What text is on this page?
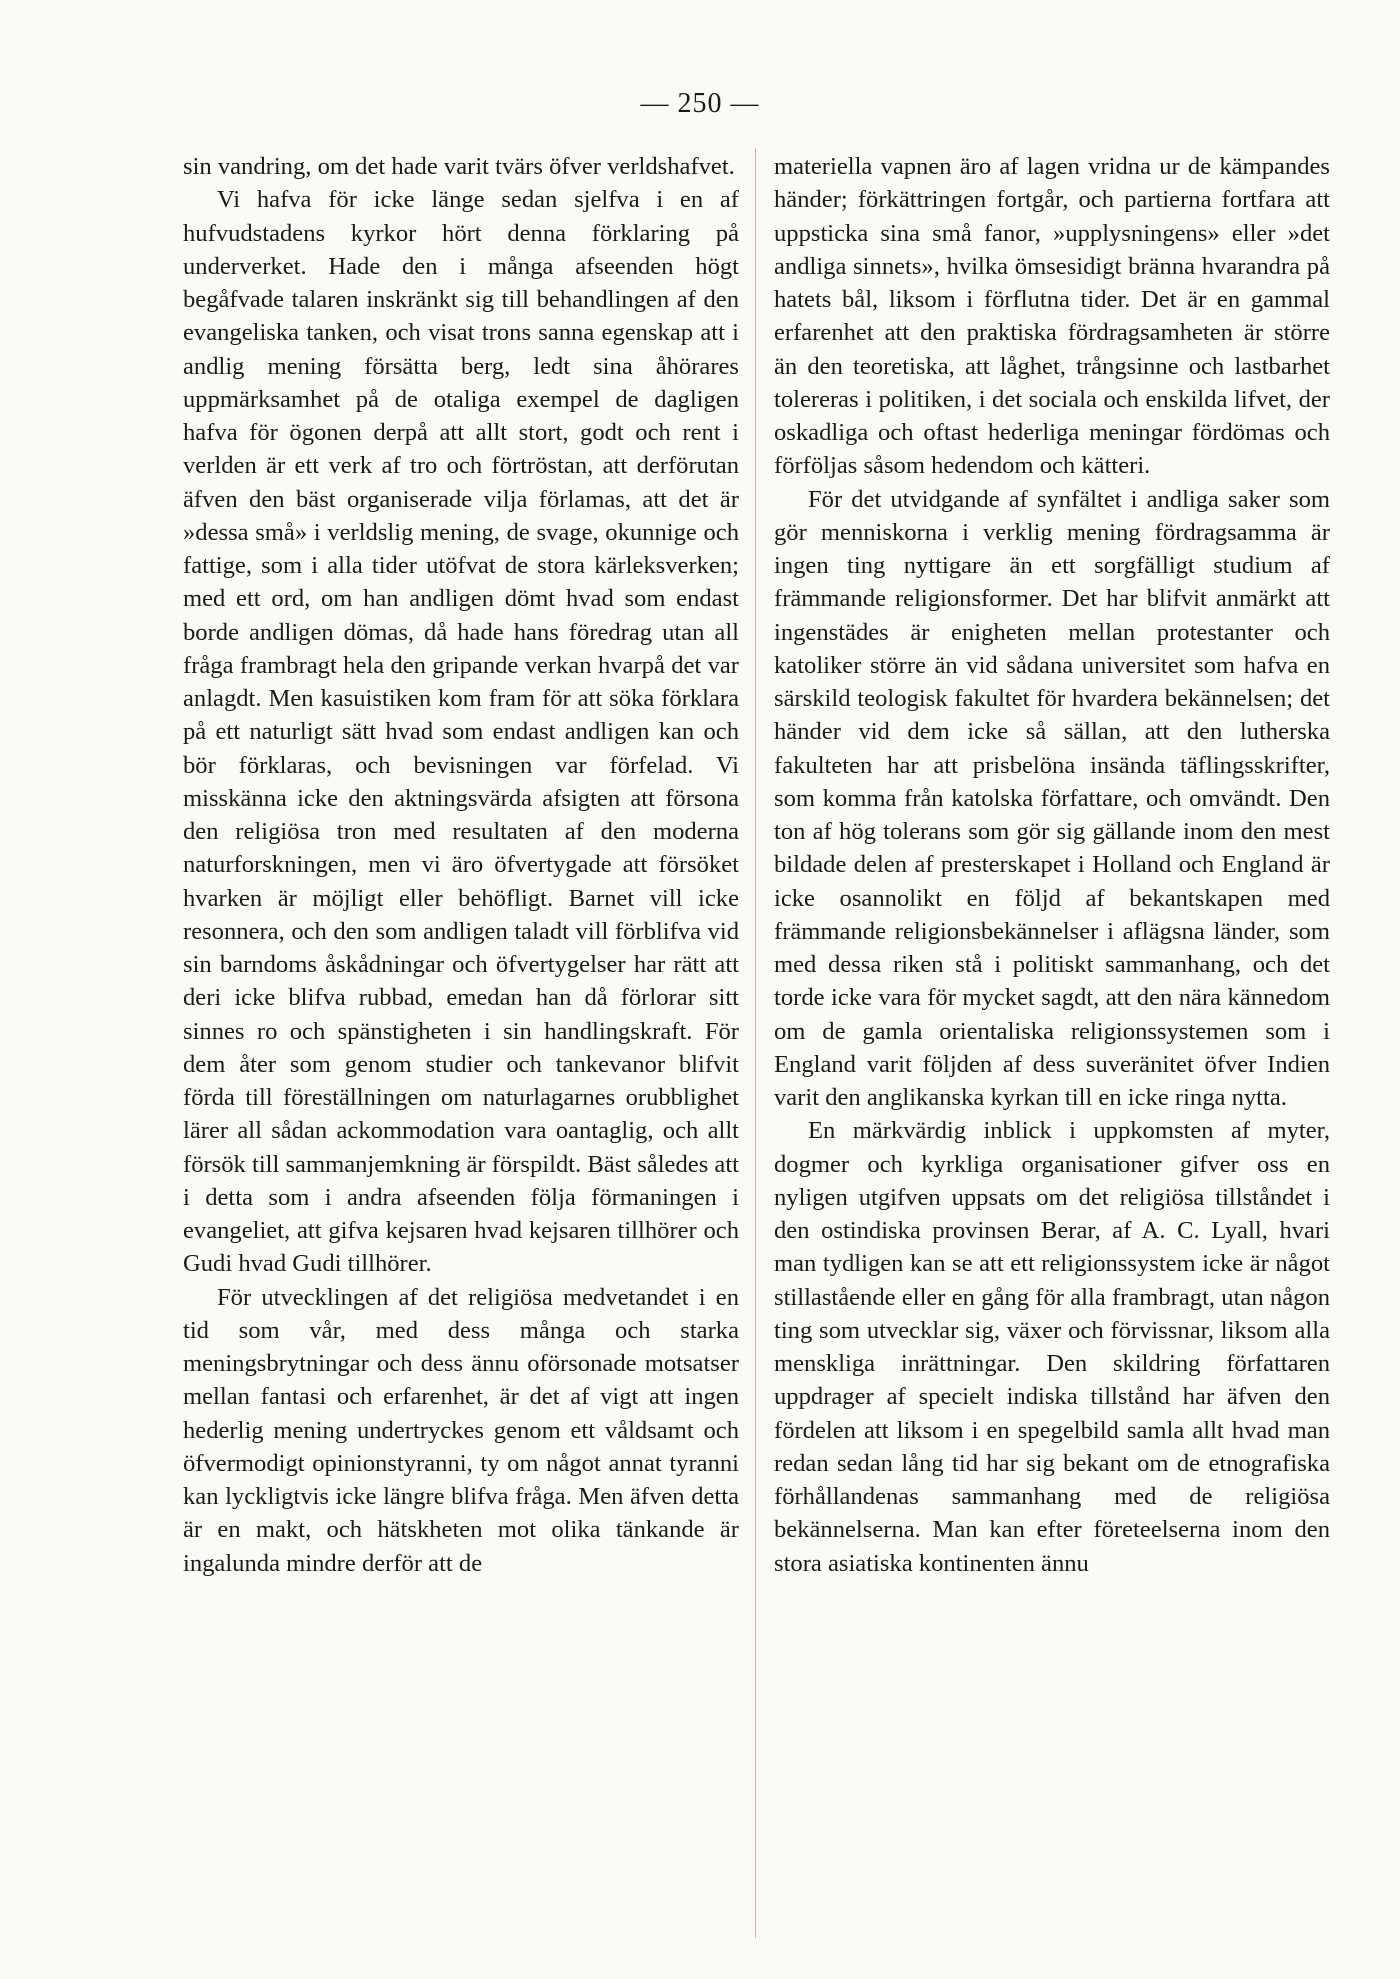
— 250 —

sin vandring, om det hade varit tvärs öfver verldshafvet.

Vi hafva för icke länge sedan sjelfva i en af hufvudstadens kyrkor hört denna förklaring på underverket. Hade den i många afseenden högt begåfvade talaren inskränkt sig till behandlingen af den evangeliska tanken, och visat trons sanna egenskap att i andlig mening försätta berg, ledt sina åhörares uppmärksamhet på de otaliga exempel de dagligen hafva för ögonen derpå att allt stort, godt och rent i verlden är ett verk af tro och förtröstan, att derförutan äfven den bäst organiserade vilja förlamas, att det är »dessa små» i verldslig mening, de svage, okunnige och fattige, som i alla tider utöfvat de stora kärleksverken; med ett ord, om han andligen dömt hvad som endast borde andligen dömas, då hade hans föredrag utan all fråga frambragt hela den gripande verkan hvarpå det var anlagdt. Men kasuistiken kom fram för att söka förklara på ett naturligt sätt hvad som endast andligen kan och bör förklaras, och bevisningen var förfelad. Vi misskänna icke den aktningsvärda afsigten att försona den religiösa tron med resultaten af den moderna naturforskningen, men vi äro öfvertygade att försöket hvarken är möjligt eller behöfligt. Barnet vill icke resonnera, och den som andligen taladt vill förblifva vid sin barndoms åskådningar och öfvertygelser har rätt att deri icke blifva rubbad, emedan han då förlorar sitt sinnes ro och spänstigheten i sin handlingskraft. För dem åter som genom studier och tankevanor blifvit förda till föreställningen om naturlagarnes orubblighet lärer all sådan ackommodation vara oantaglig, och allt försök till sammanjemkning är förspildt. Bäst således att i detta som i andra afseenden följa förmaningen i evangeliet, att gifva kejsaren hvad kejsaren tillhörer och Gudi hvad Gudi tillhörer.

För utvecklingen af det religiösa medvetandet i en tid som vår, med dess många och starka meningsbrytningar och dess ännu oförsonade motsatser mellan fantasi och erfarenhet, är det af vigt att ingen hederlig mening undertryckes genom ett våldsamt och öfvermodigt opinionstyranni, ty om något annat tyranni kan lyckligtvis icke längre blifva fråga. Men äfven detta är en makt, och hätskheten mot olika tänkande är ingalunda mindre derför att de

materiella vapnen äro af lagen vridna ur de kämpandes händer; förkättringen fortgår, och partierna fortfara att uppsticka sina små fanor, »upplysningens» eller »det andliga sinnets», hvilka ömsesidigt bränna hvarandra på hatets bål, liksom i förflutna tider. Det är en gammal erfarenhet att den praktiska fördragsamheten är större än den teoretiska, att låghet, trångsinne och lastbarhet tolereras i politiken, i det sociala och enskilda lifvet, der oskadliga och oftast hederliga meningar fördömas och förföljas såsom hedendom och kätteri.

För det utvidgande af synfältet i andliga saker som gör menniskorna i verklig mening fördragsamma är ingen ting nyttigare än ett sorgfälligt studium af främmande religionsformer. Det har blifvit anmärkt att ingenstädes är enigheten mellan protestanter och katoliker större än vid sådana universitet som hafva en särskild teologisk fakultet för hvardera bekännelsen; det händer vid dem icke så sällan, att den lutherska fakulteten har att prisbelöna insända täflingsskrifter, som komma från katolska författare, och omvändt. Den ton af hög tolerans som gör sig gällande inom den mest bildade delen af presterskapet i Holland och England är icke osannolikt en följd af bekantskapen med främmande religionsbekännelser i aflägsna länder, som med dessa riken stå i politiskt sammanhang, och det torde icke vara för mycket sagdt, att den nära kännedom om de gamla orientaliska religionssystemen som i England varit följden af dess suveränitet öfver Indien varit den anglikanska kyrkan till en icke ringa nytta.

En märkvärdig inblick i uppkomsten af myter, dogmer och kyrkliga organisationer gifver oss en nyligen utgifven uppsats om det religiösa tillståndet i den ostindiska provinsen Berar, af A. C. Lyall, hvari man tydligen kan se att ett religionssystem icke är något stillastående eller en gång för alla frambragt, utan någon ting som utvecklar sig, växer och förvissnar, liksom alla menskliga inrättningar. Den skildring författaren uppdrager af specielt indiska tillstånd har äfven den fördelen att liksom i en spegelbild samla allt hvad man redan sedan lång tid har sig bekant om de etnografiska förhållandenas sammanhang med de religiösa bekännelserna. Man kan efter företeelserna inom den stora asiatiska kontinenten ännu
